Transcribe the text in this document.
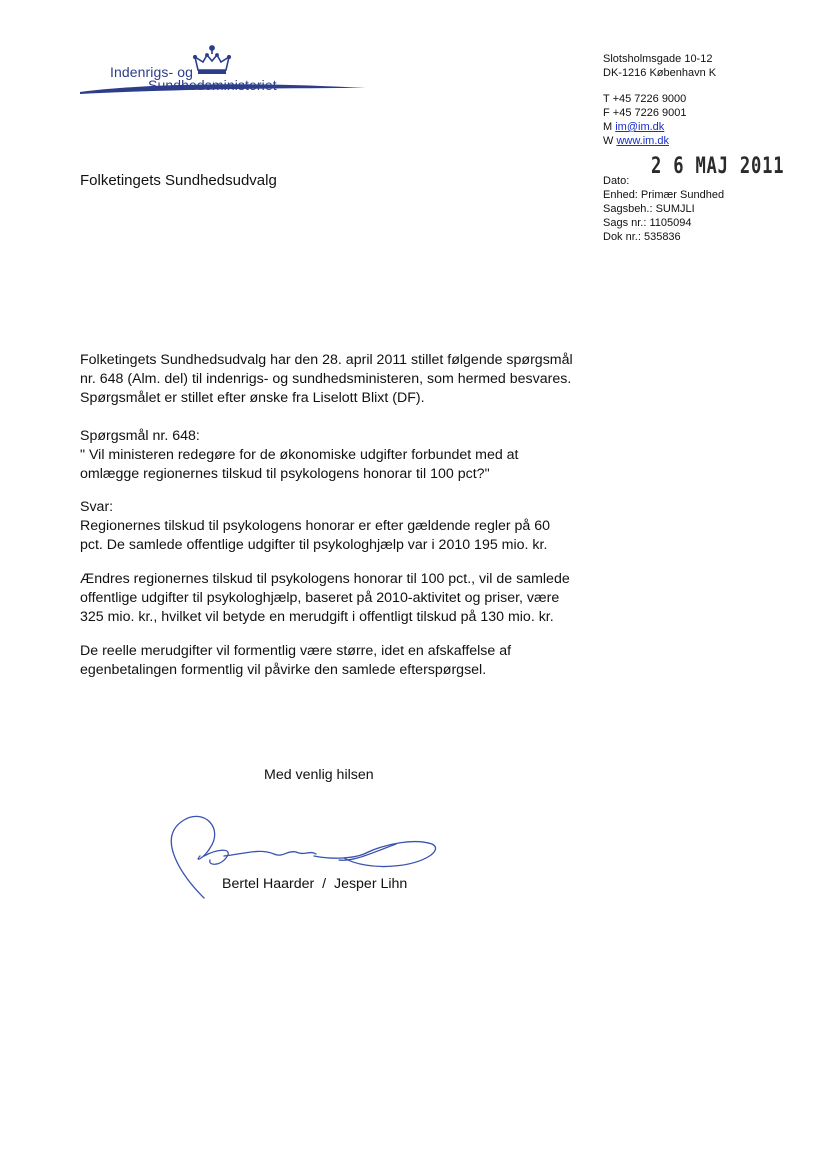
Indenrigs- og
Sundhedsministeriet
Slotsholmsgade 10-12
DK-1216 København K
T +45 7226 9000
F +45 7226 9001
M im@im.dk
W www.im.dk
Folketingets Sundhedsudvalg	Dato:
2 6 MAJ 2011
Enhed: Primær Sundhed
Sagsbeh.: SUMJLI
Sags nr.: 1105094
Dok nr.: 535836

Folketingets Sundhedsudvalg har den 28. april 2011 stillet følgende spørgsmål

nr. 648 (Alm. del) til indenrigs- og sundhedsministeren, som hermed besvares.

Spørgsmålet er stillet efter ønske fra Liselott Blixt (DF).

Spørgsmål nr. 648:

" Vil ministeren redegøre for de økonomiske udgifter forbundet med at

omlægge regionernes tilskud til psykologens honorar til 100 pct?"

Svar:

Regionernes tilskud til psykologens honorar er efter gældende regler på 60

pct. De samlede offentlige udgifter til psykologhjælp var i 2010 195 mio. kr.

Ændres regionernes tilskud til psykologens honorar til 100 pct., vil de samlede

offentlige udgifter til psykologhjælp, baseret på 2010-aktivitet og priser, være

325 mio. kr., hvilket vil betyde en merudgift i offentligt tilskud på 130 mio. kr.

De reelle merudgifter vil formentlig være større, idet en afskaffelse af

egenbetalingen formentlig vil påvirke den samlede efterspørgsel.

Med venlig hilsen
Bertel Haarder  /  Jesper Lihn
